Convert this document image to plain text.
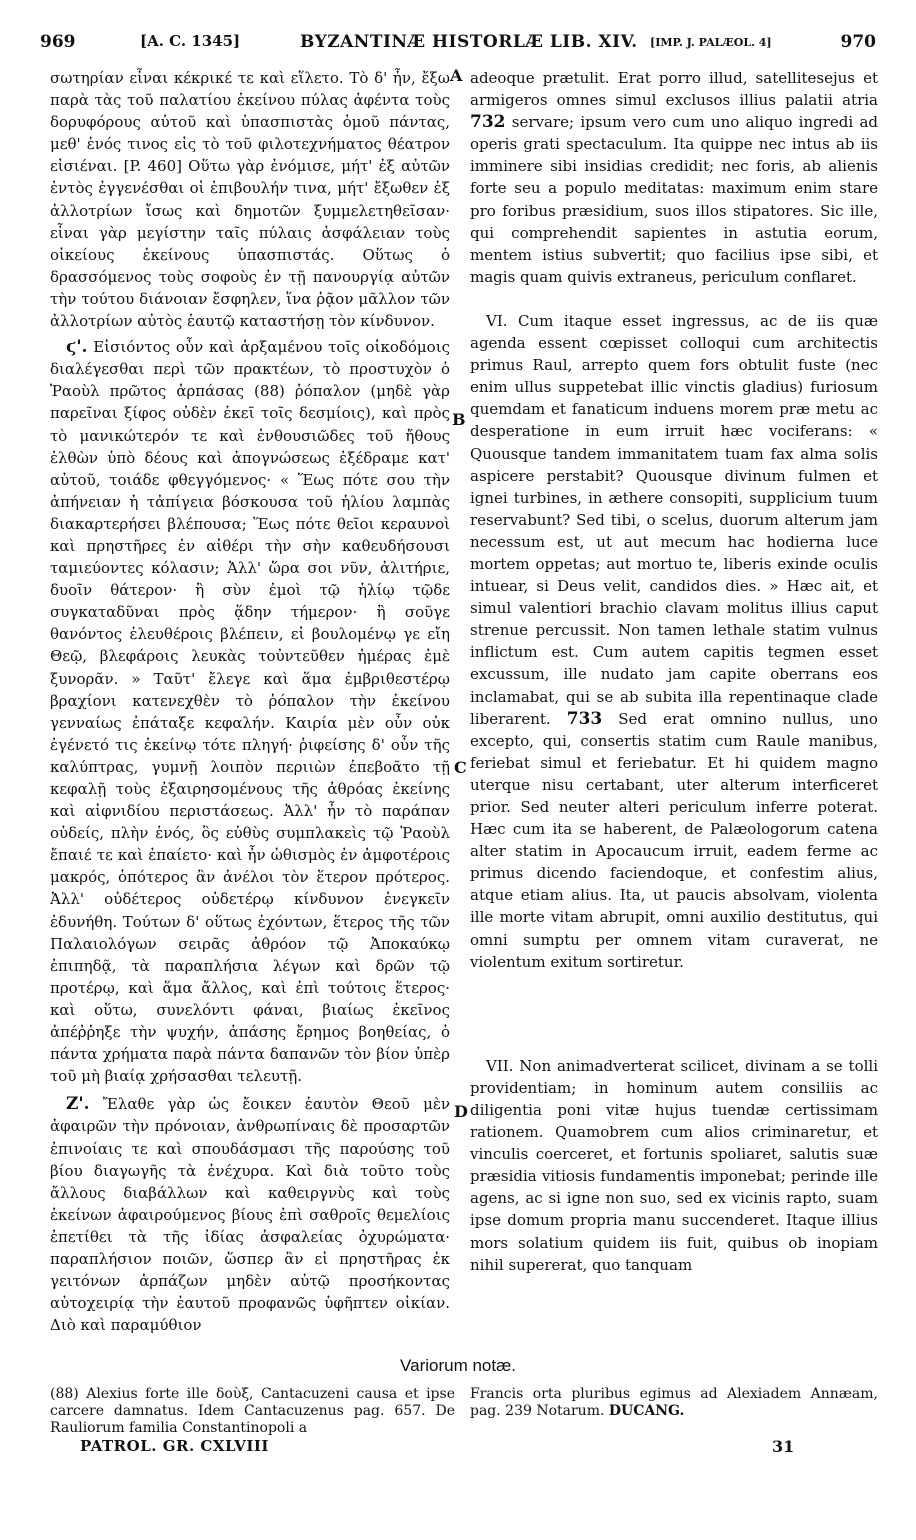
969	[A. C. 1345]	BYZANTINÆ HISTORLÆ LIB. XIV. [IMP. J. PALÆOL. 4]	970
A
B
C
D

σωτηρίαν εἶναι κέκρικέ τε καὶ εἵλετο. Τὸ δ' ἦν, ἔξω παρὰ τὰς τοῦ παλατίου ἐκείνου πύλας ἀφέντα τοὺς δορυφόρους αὐτοῦ καὶ ὑπασπιστὰς ὁμοῦ πάντας, μεθ' ἑνός τινος εἰς τὸ τοῦ φιλοτεχνήματος θέατρον εἰσιέναι. [P. 460] Οὕτω γὰρ ἐνόμισε, μήτ' ἐξ αὐτῶν ἐντὸς ἐγγενέσθαι οἱ ἐπιβουλήν τινα, μήτ' ἔξωθεν ἐξ ἀλλοτρίων ἴσως καὶ δημοτῶν ξυμμελετηθεῖσαν· εἶναι γὰρ μεγίστην ταῖς πύλαις ἀσφάλειαν τοὺς οἰκείους ἐκείνους ὑπασπιστάς. Οὕτως ὁ δρασσόμενος τοὺς σοφοὺς ἐν τῇ πανουργίᾳ αὐτῶν τὴν τούτου διάνοιαν ἔσφηλεν, ἵνα ῥᾷον μᾶλλον τῶν ἀλλοτρίων αὐτὸς ἑαυτῷ καταστήσῃ τὸν κίνδυνον.

ϛ'. Εἰσιόντος οὖν καὶ ἀρξαμένου τοῖς οἰκοδόμοις διαλέγεσθαι περὶ τῶν πρακτέων, τὸ προστυχὸν ὁ Ῥαοὺλ πρῶτος ἁρπάσας (88) ῥόπαλον (μηδὲ γὰρ παρεῖναι ξίφος οὐδὲν ἐκεῖ τοῖς δεσμίοις), καὶ πρὸς τὸ μανικώτερόν τε καὶ ἐνθουσιῶδες τοῦ ἤθους ἐλθὼν ὑπὸ δέους καὶ ἀπογνώσεως ἐξέδραμε κατ' αὐτοῦ, τοιάδε φθεγγόμενος· « Ἕως πότε σου τὴν ἀπήνειαν ἡ τἀπίγεια βόσκουσα τοῦ ἡλίου λαμπὰς διακαρτερήσει βλέπουσα; Ἕως πότε θεῖοι κεραυνοὶ καὶ πρηστῆρες ἐν αἰθέρι τὴν σὴν καθευδήσουσι ταμιεύοντες κόλασιν; Ἀλλ' ὥρα σοι νῦν, ἀλιτήριε, δυοῖν θάτερον· ἢ σὺν ἐμοὶ τῷ ἡλίῳ τῷδε συγκαταδῦναι πρὸς ᾅδην τήμερον· ἢ σοῦγε θανόντος ἐλευθέροις βλέπειν, εἰ βουλομένῳ γε εἴη Θεῷ, βλεφάροις λευκὰς τοὐντεῦθεν ἡμέρας ἐμὲ ξυνορᾶν. » Ταῦτ' ἔλεγε καὶ ἅμα ἐμβριθεστέρῳ βραχίονι κατενεχθὲν τὸ ῥόπαλον τὴν ἐκείνου γενναίως ἐπάταξε κεφαλήν. Καιρία μὲν οὖν οὐκ ἐγένετό τις ἐκείνῳ τότε πληγή· ῥιφείσης δ' οὖν τῆς καλύπτρας, γυμνῇ λοιπὸν περιιὼν ἐπεβοᾶτο τῇ κεφαλῇ τοὺς ἐξαιρησομένους τῆς ἀθρόας ἐκείνης καὶ αἰφνιδίου περιστάσεως. Ἀλλ' ἦν τὸ παράπαν οὐδείς, πλὴν ἑνός, ὃς εὐθὺς συμπλακεὶς τῷ Ῥαοὺλ ἔπαιέ τε καὶ ἐπαίετο· καὶ ἦν ὠθισμὸς ἐν ἀμφοτέροις μακρός, ὁπότερος ἂν ἀνέλοι τὸν ἕτερον πρότερος. Ἀλλ' οὐδέτερος οὐδετέρῳ κίνδυνον ἐνεγκεῖν ἐδυνήθη. Τούτων δ' οὕτως ἐχόντων, ἕτερος τῆς τῶν Παλαιολόγων σειρᾶς ἀθρόον τῷ Ἀποκαύκῳ ἐπιπηδᾷ, τὰ παραπλήσια λέγων καὶ δρῶν τῷ προτέρῳ, καὶ ἅμα ἄλλος, καὶ ἐπὶ τούτοις ἕτερος· καὶ οὕτω, συνελόντι φάναι, βιαίως ἐκεῖνος ἀπέῤῥηξε τὴν ψυχήν, ἁπάσης ἔρημος βοηθείας, ὁ πάντα χρήματα παρὰ πάντα δαπανῶν τὸν βίον ὑπὲρ τοῦ μὴ βιαίᾳ χρήσασθαι τελευτῇ.

Ζ'. Ἔλαθε γὰρ ὡς ἔοικεν ἑαυτὸν Θεοῦ μὲν ἀφαιρῶν τὴν πρόνοιαν, ἀνθρωπίναις δὲ προσαρτῶν ἐπινοίαις τε καὶ σπουδάσμασι τῆς παρούσης τοῦ βίου διαγωγῆς τὰ ἐνέχυρα. Καὶ διὰ τοῦτο τοὺς ἄλλους διαβάλλων καὶ καθειργνὺς καὶ τοὺς ἐκείνων ἀφαιρούμενος βίους ἐπὶ σαθροῖς θεμελίοις ἐπετίθει τὰ τῆς ἰδίας ἀσφαλείας ὀχυρώματα· παραπλήσιον ποιῶν, ὥσπερ ἂν εἰ πρηστῆρας ἐκ γειτόνων ἁρπάζων μηδὲν αὐτῷ προσήκοντας αὐτοχειρίᾳ τὴν ἑαυτοῦ προφανῶς ὑφῆπτεν οἰκίαν. Διὸ καὶ παραμύθιον

adeoque prætulit. Erat porro illud, satellitesejus et armigeros omnes simul exclusos illius palatii atria 732 servare; ipsum vero cum uno aliquo ingredi ad operis grati spectaculum. Ita quippe nec intus ab iis imminere sibi insidias credidit; nec foris, ab alienis forte seu a populo meditatas: maximum enim stare pro foribus præsidium, suos illos stipatores. Sic ille, qui comprehendit sapientes in astutia eorum, mentem istius subvertit; quo facilius ipse sibi, et magis quam quivis extraneus, periculum conflaret.

VI. Cum itaque esset ingressus, ac de iis quæ agenda essent cœpisset colloqui cum architectis primus Raul, arrepto quem fors obtulit fuste (nec enim ullus suppetebat illic vinctis gladius) furiosum quemdam et fanaticum induens morem præ metu ac desperatione in eum irruit hæc vociferans: « Quousque tandem immanitatem tuam fax alma solis aspicere perstabit? Quousque divinum fulmen et ignei turbines, in æthere consopiti, supplicium tuum reservabunt? Sed tibi, o scelus, duorum alterum jam necessum est, ut aut mecum hac hodierna luce mortem oppetas; aut mortuo te, liberis exinde oculis intuear, si Deus velit, candidos dies. » Hæc ait, et simul valentiori brachio clavam molitus illius caput strenue percussit. Non tamen lethale statim vulnus inflictum est. Cum autem capitis tegmen esset excussum, ille nudato jam capite oberrans eos inclamabat, qui se ab subita illa repentinaque clade liberarent. 733 Sed erat omnino nullus, uno excepto, qui, consertis statim cum Raule manibus, feriebat simul et feriebatur. Et hi quidem magno uterque nisu certabant, uter alterum interficeret prior. Sed neuter alteri periculum inferre poterat. Hæc cum ita se haberent, de Palæologorum catena alter statim in Apocaucum irruit, eadem ferme ac primus dicendo faciendoque, et confestim alius, atque etiam alius. Ita, ut paucis absolvam, violenta ille morte vitam abrupit, omni auxilio destitutus, qui omni sumptu per omnem vitam curaverat, ne violentum exitum sortiretur.

VII. Non animadverterat scilicet, divinam a se tolli providentiam; in hominum autem consiliis ac diligentia poni vitæ hujus tuendæ certissimam rationem. Quamobrem cum alios criminaretur, et vinculis coerceret, et fortunis spoliaret, salutis suæ præsidia vitiosis fundamentis imponebat; perinde ille agens, ac si igne non suo, sed ex vicinis rapto, suam ipse domum propria manu succenderet. Itaque illius mors solatium quidem iis fuit, quibus ob inopiam nihil supererat, quo tanquam

Variorum notæ.
(88) Alexius forte ille δοὺξ, Cantacuzeni causa et ipse carcere damnatus. Idem Cantacuzenus pag. 657. De Rauliorum familia Constantinopoli a
Francis orta pluribus egimus ad Alexiadem Annæam, pag. 239 Notarum. DUCANG.
PATROL. GR. CXLVIII	31
